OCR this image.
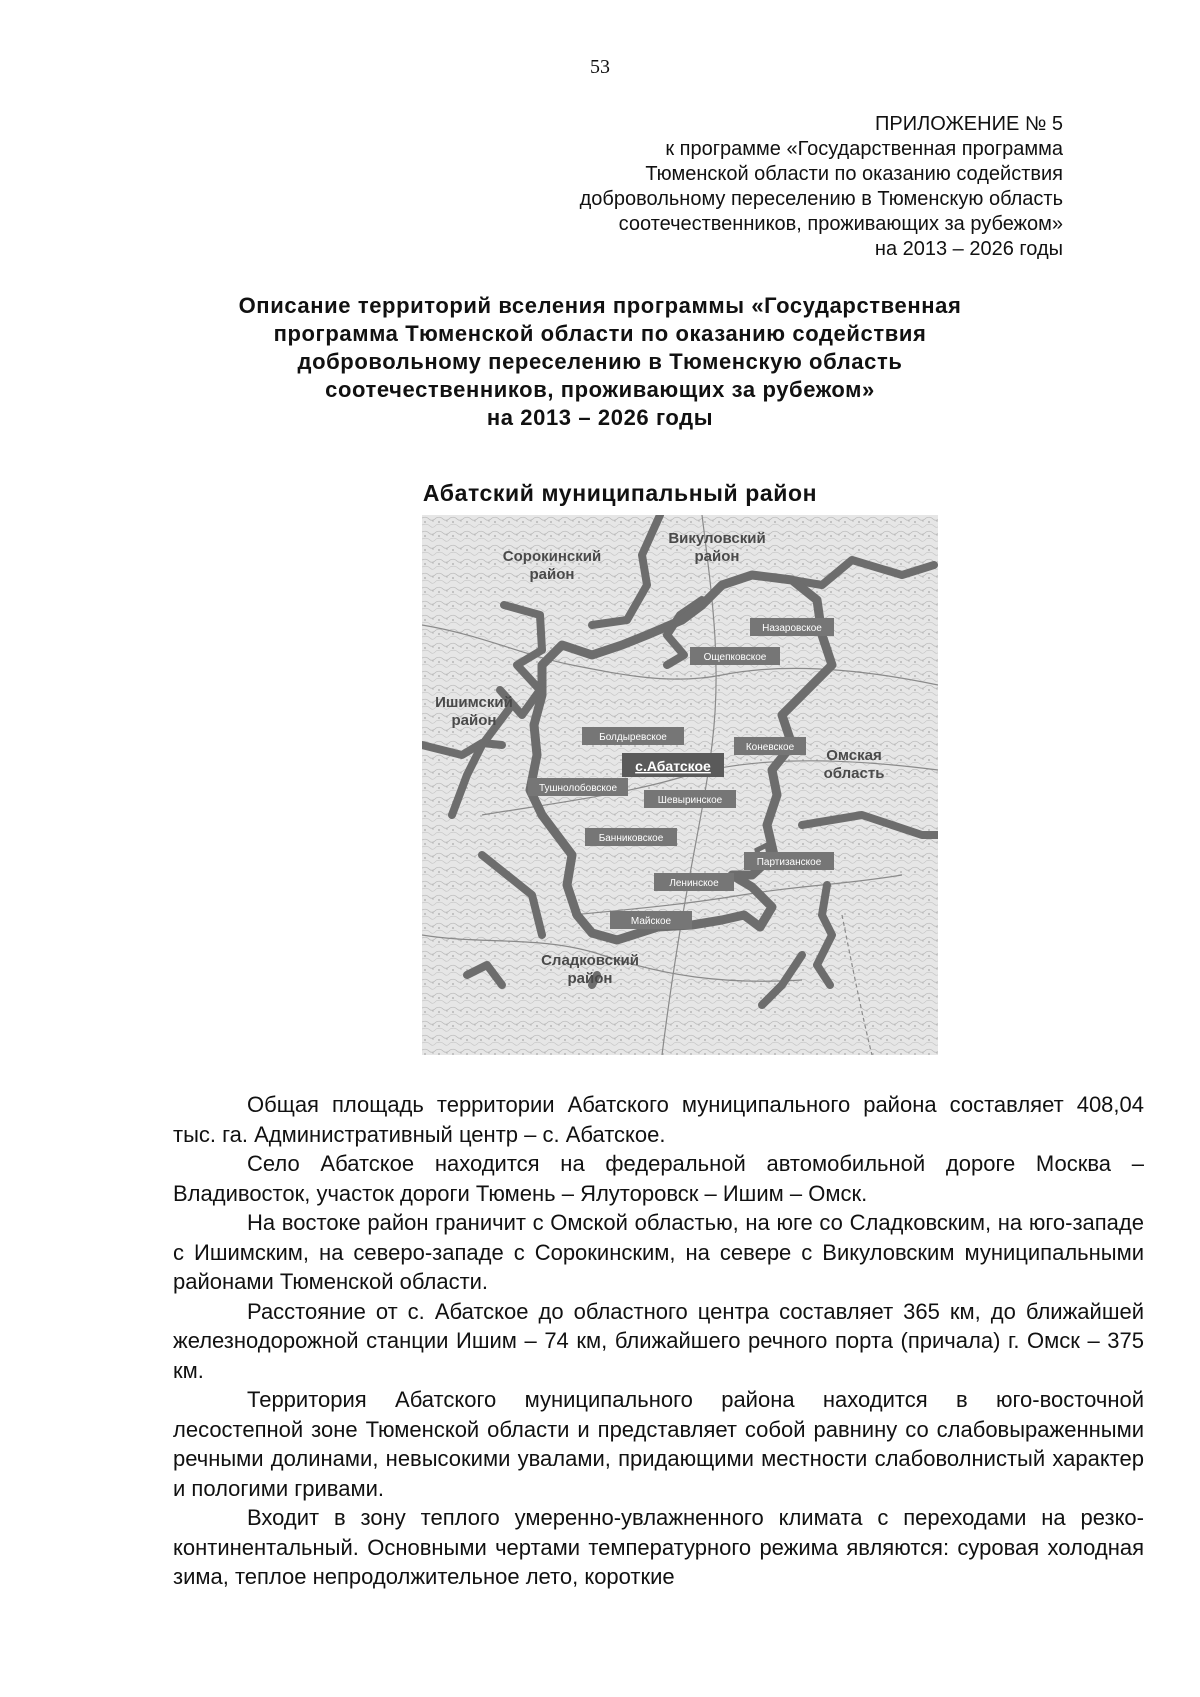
53
ПРИЛОЖЕНИЕ № 5
к программе «Государственная программа
Тюменской области по оказанию содействия
добровольному переселению в Тюменскую область
соотечественников, проживающих за рубежом»
на 2013 – 2026 годы
Описание территорий вселения программы «Государственная
программа Тюменской области по оказанию содействия
добровольному переселению в Тюменскую область
соотечественников, проживающих за рубежом»
на 2013 – 2026 годы
Абатский муниципальный район
Викуловский
район
Сорокинский
район
Ишимский
район
Омская
область
Сладковский
район
Назаровское
Ощепковское
Болдыревское
Коневское
с.Абатское
Тушнолобовское
Шевыринское
Банниковское
Партизанское
Ленинское
Майское

Общая площадь территории Абатского муниципального района составляет 408,04 тыс. га. Административный центр – с. Абатское.

Село Абатское находится на федеральной автомобильной дороге Москва – Владивосток, участок дороги Тюмень – Ялуторовск – Ишим – Омск.

На востоке район граничит с Омской областью, на юге со Сладковским, на юго-западе с Ишимским, на северо-западе с Сорокинским, на севере с Викуловским муниципальными районами Тюменской области.

Расстояние от с. Абатское до областного центра составляет 365 км, до ближайшей железнодорожной станции Ишим – 74 км, ближайшего речного порта (причала) г. Омск – 375 км.

Территория Абатского муниципального района находится в юго-восточной лесостепной зоне Тюменской области и представляет собой равнину со слабовыраженными речными долинами, невысокими увалами, придающими местности слабоволнистый характер и пологими гривами.

Входит в зону теплого умеренно-увлажненного климата с переходами на резко-континентальный. Основными чертами температурного режима являются: суровая холодная зима, теплое непродолжительное лето, короткие
